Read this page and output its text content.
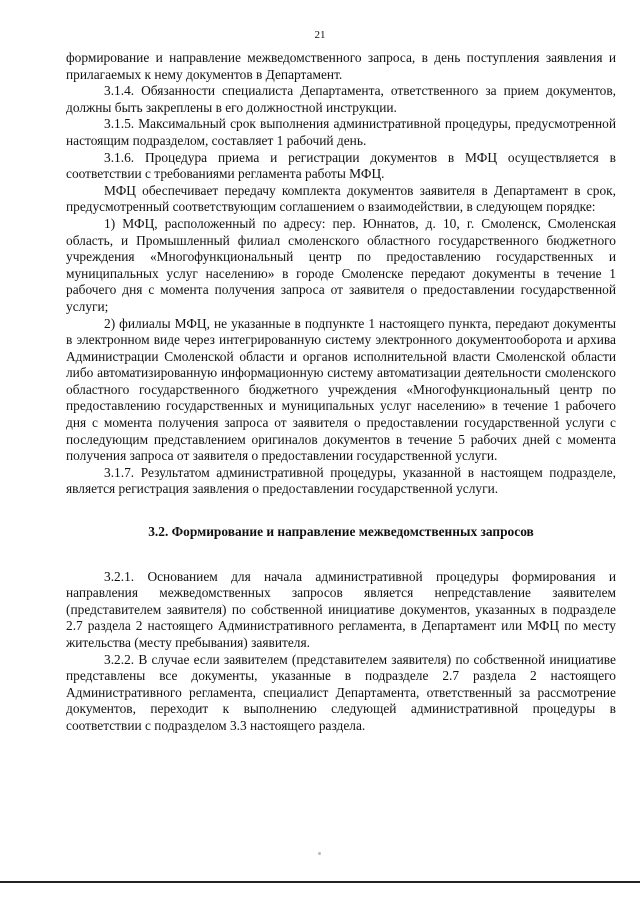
21

формирование и направление межведомственного запроса, в день поступления заявления и прилагаемых к нему документов в Департамент.

3.1.4. Обязанности специалиста Департамента, ответственного за прием документов, должны быть закреплены в его должностной инструкции.

3.1.5. Максимальный срок выполнения административной процедуры, предусмотренной настоящим подразделом, составляет 1 рабочий день.

3.1.6. Процедура приема и регистрации документов в МФЦ осуществляется в соответствии с требованиями регламента работы МФЦ.

МФЦ обеспечивает передачу комплекта документов заявителя в Департамент в срок, предусмотренный соответствующим соглашением о взаимодействии, в следующем порядке:

1) МФЦ, расположенный по адресу: пер. Юннатов, д. 10, г. Смоленск, Смоленская область, и Промышленный филиал смоленского областного государственного бюджетного учреждения «Многофункциональный центр по предоставлению государственных и муниципальных услуг населению» в городе Смоленске передают документы в течение 1 рабочего дня с момента получения запроса от заявителя о предоставлении государственной услуги;

2) филиалы МФЦ, не указанные в подпункте 1 настоящего пункта, передают документы в электронном виде через интегрированную систему электронного документооборота и архива Администрации Смоленской области и органов исполнительной власти Смоленской области либо автоматизированную информационную систему автоматизации деятельности смоленского областного государственного бюджетного учреждения «Многофункциональный центр по предоставлению государственных и муниципальных услуг населению» в течение 1 рабочего дня с момента получения запроса от заявителя о предоставлении государственной услуги с последующим представлением оригиналов документов в течение 5 рабочих дней с момента получения запроса от заявителя о предоставлении государственной услуги.

3.1.7. Результатом административной процедуры, указанной в настоящем подразделе, является регистрация заявления о предоставлении государственной услуги.

3.2. Формирование и направление межведомственных запросов

3.2.1. Основанием для начала административной процедуры формирования и направления межведомственных запросов является непредставление заявителем (представителем заявителя) по собственной инициативе документов, указанных в подразделе 2.7 раздела 2 настоящего Административного регламента, в Департамент или МФЦ по месту жительства (месту пребывания) заявителя.

3.2.2. В случае если заявителем (представителем заявителя) по собственной инициативе представлены все документы, указанные в подразделе 2.7 раздела 2 настоящего Административного регламента, специалист Департамента, ответственный за рассмотрение документов, переходит к выполнению следующей административной процедуры в соответствии с подразделом 3.3 настоящего раздела.
